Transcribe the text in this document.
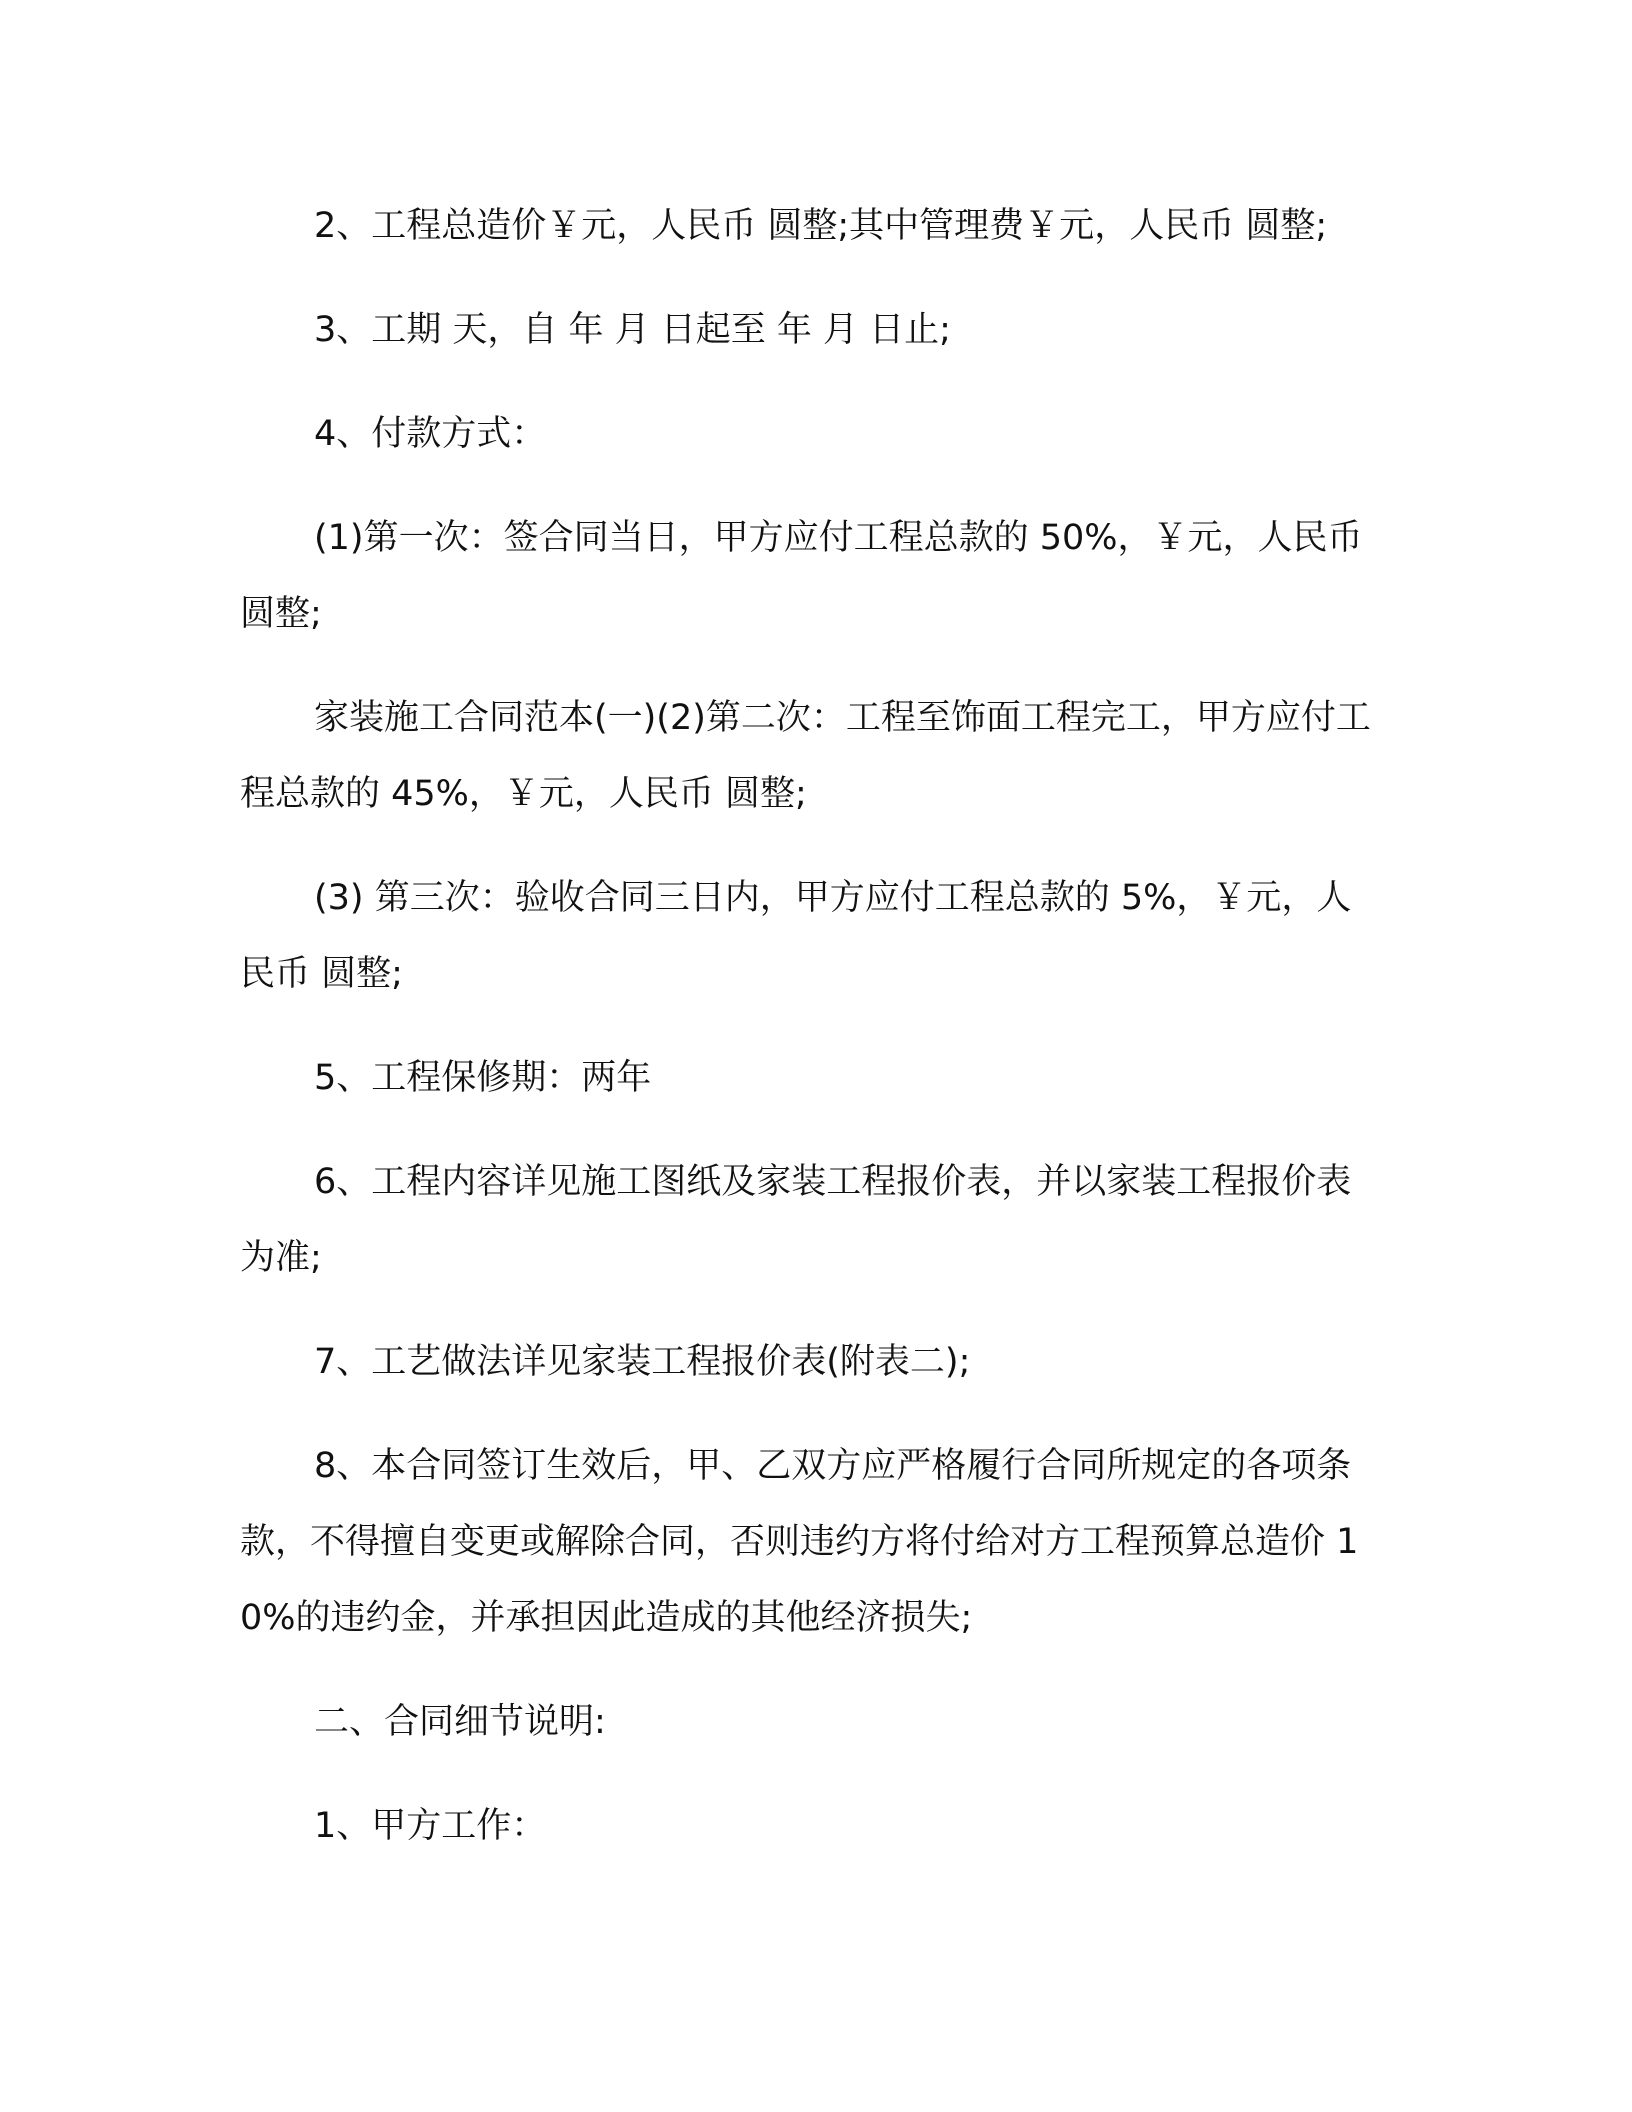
2、工程总造价￥元，人民币 圆整;其中管理费￥元，人民币 圆整;

3、工期 天，自 年 月 日起至 年 月 日止;

4、付款方式：

(1)第一次：签合同当日，甲方应付工程总款的 50%，￥元，人民币 圆整;

家装施工合同范本(一)(2)第二次：工程至饰面工程完工，甲方应付工程总款的 45%，￥元，人民币 圆整;

(3) 第三次：验收合同三日内，甲方应付工程总款的 5%，￥元，人民币 圆整;

5、工程保修期：两年

6、工程内容详见施工图纸及家装工程报价表，并以家装工程报价表为准;

7、工艺做法详见家装工程报价表(附表二);

8、本合同签订生效后，甲、乙双方应严格履行合同所规定的各项条款，不得擅自变更或解除合同，否则违约方将付给对方工程预算总造价 10%的违约金，并承担因此造成的其他经济损失;

二、合同细节说明:

1、甲方工作：
